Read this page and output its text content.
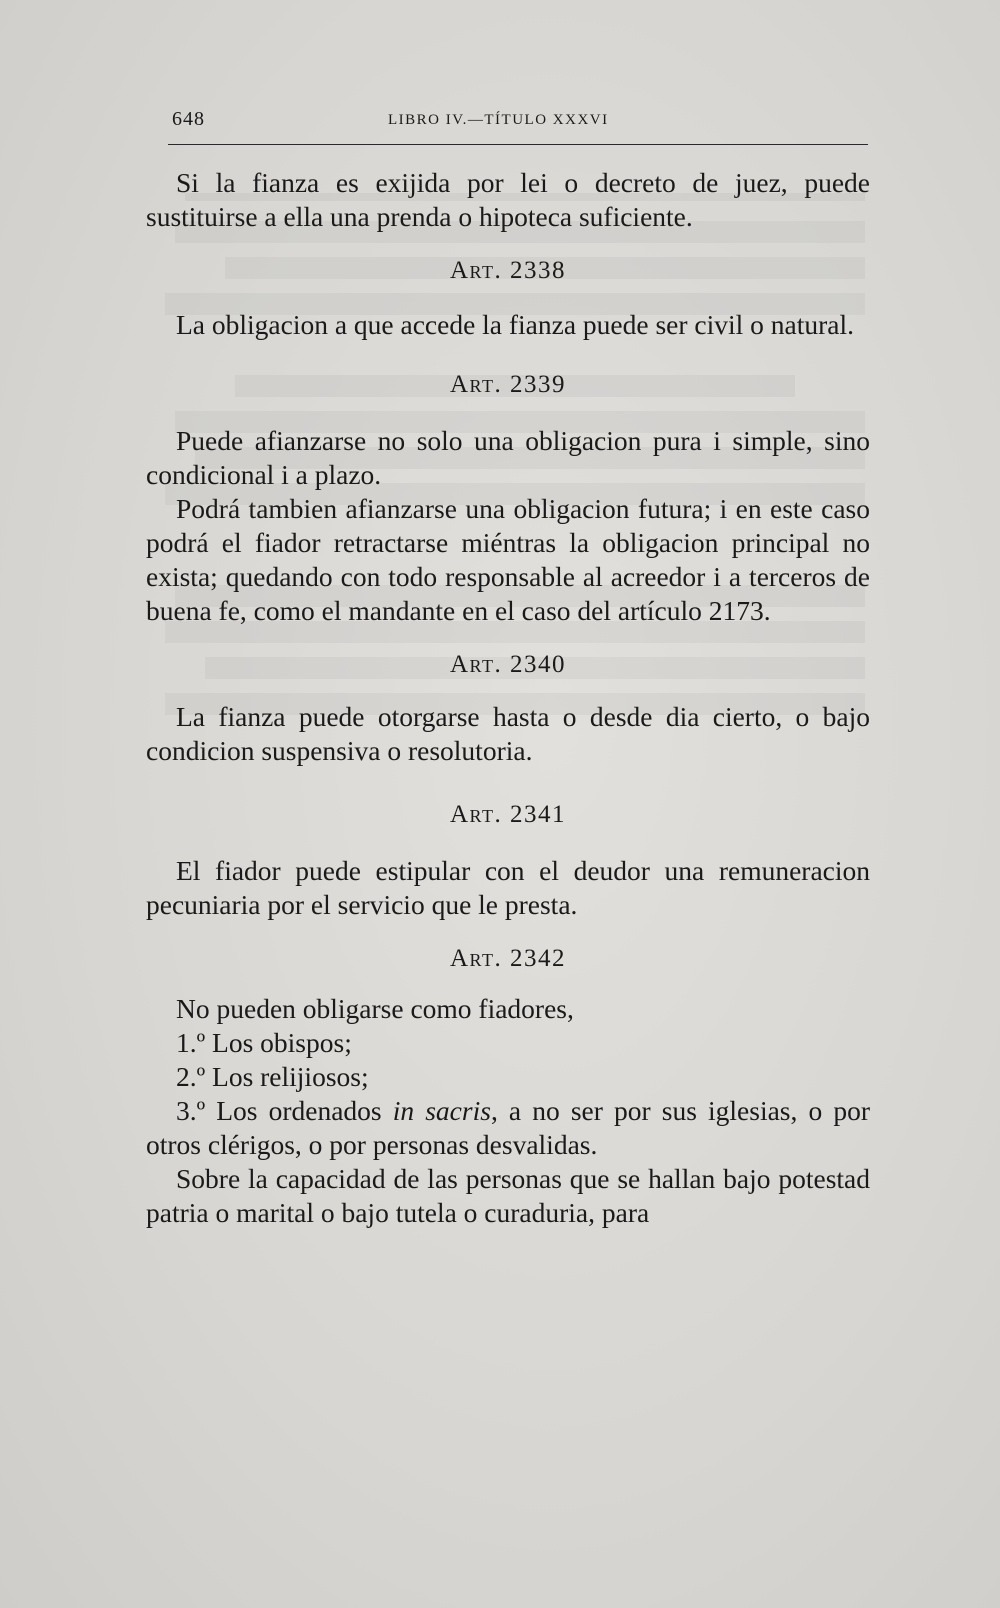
648	LIBRO IV.—TÍTULO XXXVI

Si la fianza es exijida por lei o decreto de juez, puede sustituirse a ella una prenda o hipoteca suficiente.

Art. 2338

La obligacion a que accede la fianza puede ser civil o natural.

Art. 2339

Puede afianzarse no solo una obligacion pura i simple, sino condicional i a plazo.

Podrá tambien afianzarse una obligacion futura; i en este caso podrá el fiador retractarse miéntras la obligacion principal no exista; quedando con todo responsable al acreedor i a terceros de buena fe, como el mandante en el caso del artículo 2173.

Art. 2340

La fianza puede otorgarse hasta o desde dia cierto, o bajo condicion suspensiva o resolutoria.

Art. 2341

El fiador puede estipular con el deudor una remuneracion pecuniaria por el servicio que le presta.

Art. 2342

No pueden obligarse como fiadores,

1.º Los obispos;

2.º Los relijiosos;

3.º Los ordenados in sacris, a no ser por sus iglesias, o por otros clérigos, o por personas desvalidas.

Sobre la capacidad de las personas que se hallan bajo potestad patria o marital o bajo tutela o curaduria, para
